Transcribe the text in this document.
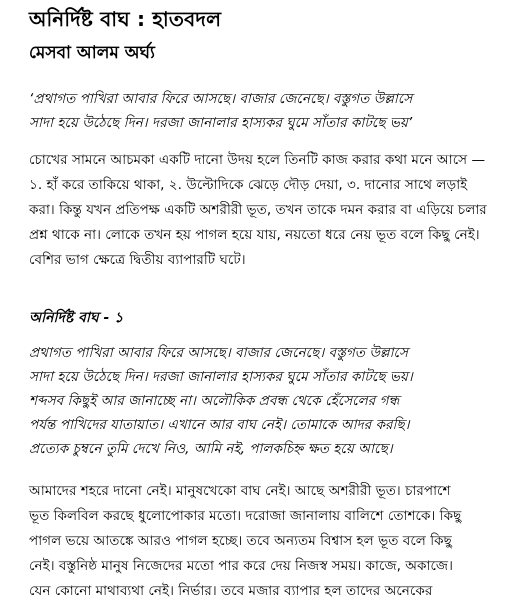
অনির্দিষ্ট বাঘ : হাতবদল
মেসবা আলম অর্ঘ্য
‘প্রথাগত পাখিরা আবার ফিরে আসছে। বাজার জেনেছে। বস্তুগত উল্লাসে
সাদা হয়ে উঠেছে দিন। দরজা জানালার হাস্যকর ঘুমে সাঁতার কাটছে ভয়’
চোখের সামনে আচমকা একটি দানো উদয় হলে তিনটি কাজ করার কথা মনে আসে —
১. হাঁ করে তাকিয়ে থাকা, ২. উল্টোদিকে ঝেড়ে দৌড় দেয়া, ৩. দানোর সাথে লড়াই
করা। কিন্তু যখন প্রতিপক্ষ একটি অশরীরী ভূত, তখন তাকে দমন করার বা এড়িয়ে চলার
প্রশ্ন থাকে না। লোকে তখন হয় পাগল হয়ে যায়, নয়তো ধরে নেয় ভূত বলে কিছু নেই।
বেশির ভাগ ক্ষেত্রে দ্বিতীয় ব্যাপারটি ঘটে।
অনির্দিষ্ট বাঘ - ১
প্রথাগত পাখিরা আবার ফিরে আসছে। বাজার জেনেছে। বস্তুগত উল্লাসে
সাদা হয়ে উঠেছে দিন। দরজা জানালার হাস্যকর ঘুমে সাঁতার কাটছে ভয়।
শব্দসব কিছুই আর জানাচ্ছে না। অলৌকিক প্রবন্ধ থেকে হেঁসেলের গন্ধ
পর্যন্ত পাখিদের যাতায়াত। এখানে আর বাঘ নেই। তোমাকে আদর করছি।
প্রত্যেক চুম্বনে তুমি দেখে নিও, আমি নই, পালকচিহ্ন ক্ষত হয়ে আছে।
আমাদের শহরে দানো নেই। মানুষখেকো বাঘ নেই। আছে অশরীরী ভূত। চারপাশে
ভূত কিলবিল করছে ধুলোপোকার মতো। দরোজা জানালায় বালিশে তোশকে। কিছু
পাগল ভয়ে আতঙ্কে আরও পাগল হচ্ছে। তবে অন্যতম বিশ্বাস হল ভূত বলে কিছু
নেই। বস্তুনিষ্ঠ মানুষ নিজেদের মতো পার করে দেয় নিজস্ব সময়। কাজে, অকাজে।
যেন কোনো মাথাব্যথা নেই। নির্ভার। তবে মজার ব্যাপার হল তাদের অনেকের
